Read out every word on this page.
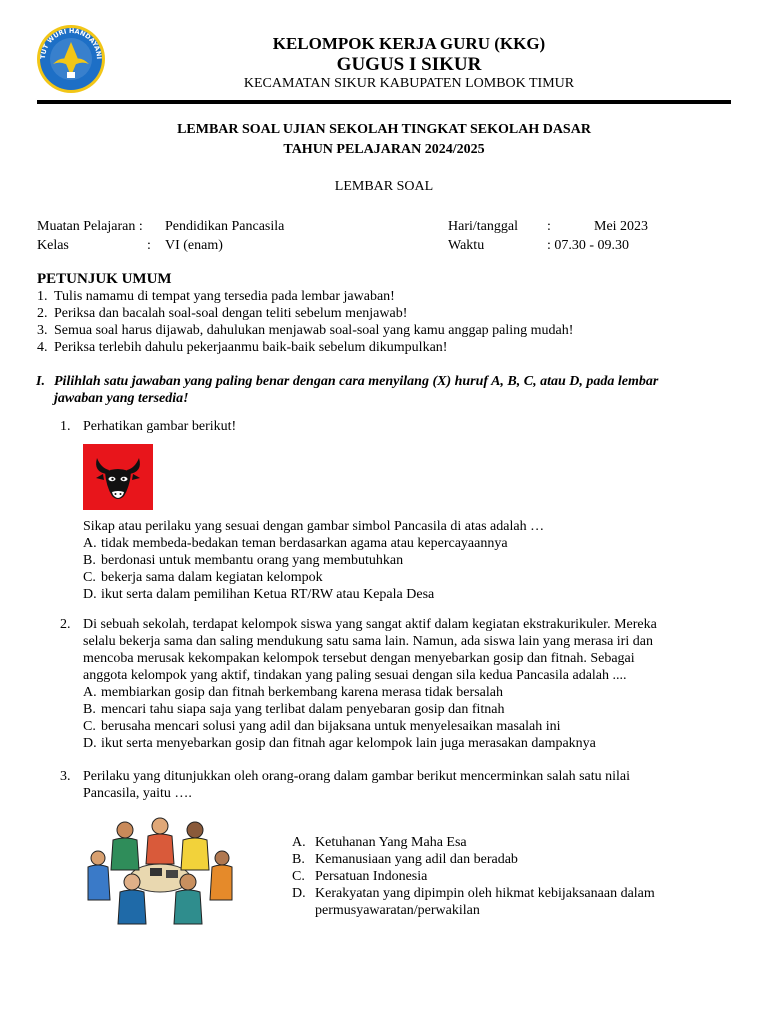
TUT WURI HANDAYANI
KELOMPOK KERJA GURU (KKG)
GUGUS I SIKUR
KECAMATAN SIKUR KABUPATEN LOMBOK TIMUR
LEMBAR SOAL UJIAN SEKOLAH TINGKAT SEKOLAH DASAR
TAHUN PELAJARAN 2024/2025
LEMBAR SOAL
Muatan Pelajaran : Pendidikan Pancasila
Kelas	: VI (enam)
Hari/tanggal :	Mei 2023
Waktu	: 07.30 - 09.30
PETUNJUK UMUM
1. Tulis namamu di tempat yang tersedia pada lembar jawaban!
2. Periksa dan bacalah soal-soal dengan teliti sebelum menjawab!
3. Semua soal harus dijawab, dahulukan menjawab soal-soal yang kamu anggap paling mudah!
4. Periksa terlebih dahulu pekerjaanmu baik-baik sebelum dikumpulkan!
I. Pilihlah satu jawaban yang paling benar dengan cara menyilang (X) huruf A, B, C, atau D, pada lembar
jawaban yang tersedia!
1. Perhatikan gambar berikut!
Sikap atau perilaku yang sesuai dengan gambar simbol Pancasila di atas adalah …
A. tidak membeda-bedakan teman berdasarkan agama atau kepercayaannya
B. berdonasi untuk membantu orang yang membutuhkan
C. bekerja sama dalam kegiatan kelompok
D. ikut serta dalam pemilihan Ketua RT/RW atau Kepala Desa
2. Di sebuah sekolah, terdapat kelompok siswa yang sangat aktif dalam kegiatan ekstrakurikuler. Mereka
selalu bekerja sama dan saling mendukung satu sama lain. Namun, ada siswa lain yang merasa iri dan
mencoba merusak kekompakan kelompok tersebut dengan menyebarkan gosip dan fitnah. Sebagai
anggota kelompok yang aktif, tindakan yang paling sesuai dengan sila kedua Pancasila adalah ....
A. membiarkan gosip dan fitnah berkembang karena merasa tidak bersalah
B. mencari tahu siapa saja yang terlibat dalam penyebaran gosip dan fitnah
C. berusaha mencari solusi yang adil dan bijaksana untuk menyelesaikan masalah ini
D. ikut serta menyebarkan gosip dan fitnah agar kelompok lain juga merasakan dampaknya
3. Perilaku yang ditunjukkan oleh orang-orang dalam gambar berikut mencerminkan salah satu nilai
Pancasila, yaitu ….
A. Ketuhanan Yang Maha Esa
B. Kemanusiaan yang adil dan beradab
C. Persatuan Indonesia
D. Kerakyatan yang dipimpin oleh hikmat kebijaksanaan dalam
permusyawaratan/perwakilan
